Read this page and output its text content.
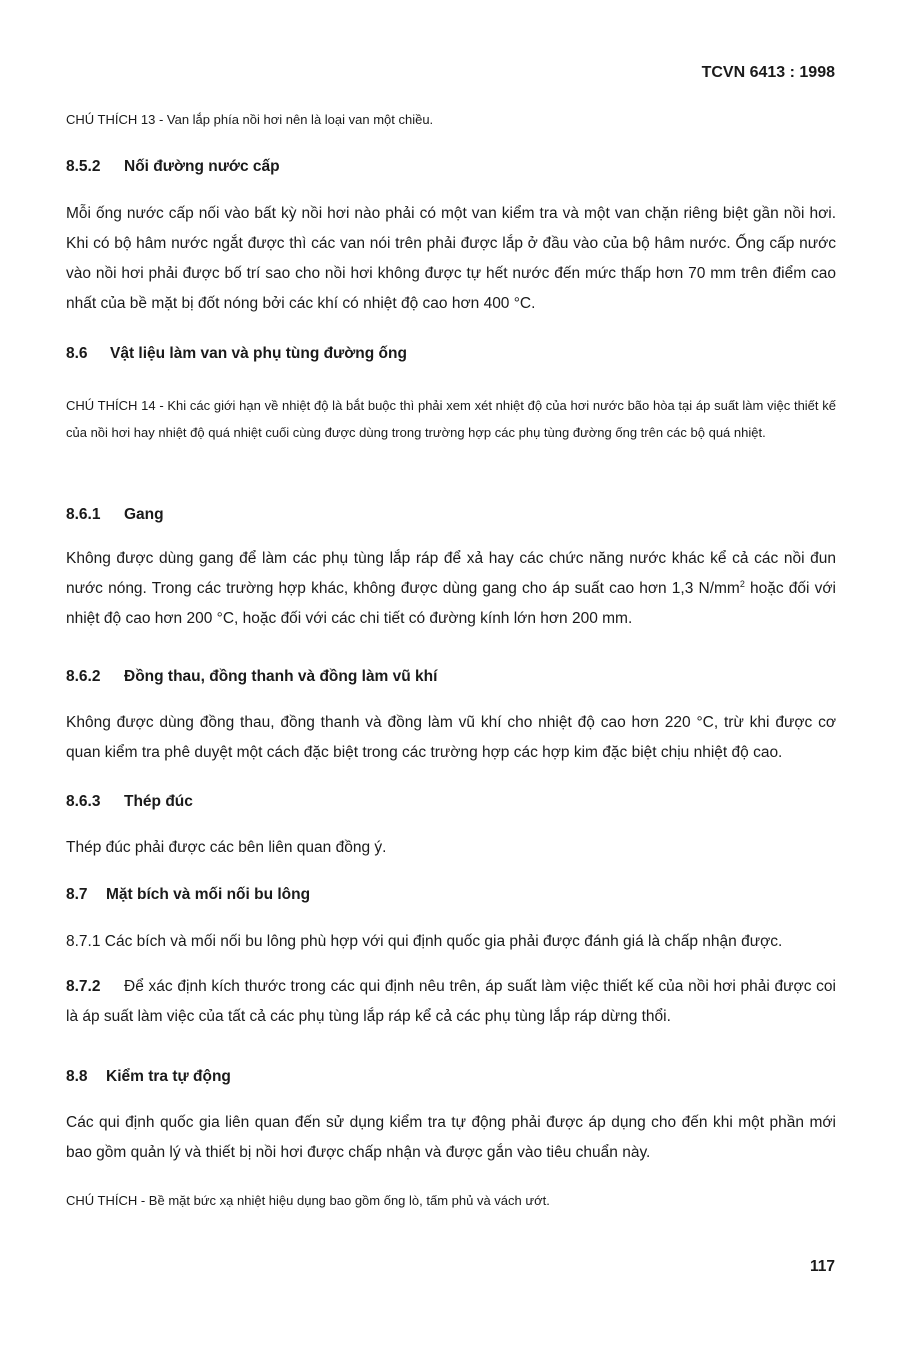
TCVN 6413 : 1998
CHÚ THÍCH 13 - Van lắp phía nồi hơi nên là loại van một chiều.
8.5.2 Nối đường nước cấp
Mỗi ống nước cấp nối vào bất kỳ nồi hơi nào phải có một van kiểm tra và một van chặn riêng biệt gần nồi hơi. Khi có bộ hâm nước ngắt được thì các van nói trên phải được lắp ở đầu vào của bộ hâm nước. Ống cấp nước vào nồi hơi phải được bố trí sao cho nồi hơi không được tự hết nước đến mức thấp hơn 70 mm trên điểm cao nhất của bề mặt bị đốt nóng bởi các khí có nhiệt độ cao hơn 400 °C.
8.6 Vật liệu làm van và phụ tùng đường ống
CHÚ THÍCH 14 - Khi các giới hạn về nhiệt độ là bắt buộc thì phải xem xét nhiệt độ của hơi nước bão hòa tại áp suất làm việc thiết kế của nồi hơi hay nhiệt độ quá nhiệt cuối cùng được dùng trong trường hợp các phụ tùng đường ống trên các bộ quá nhiệt.
8.6.1 Gang
Không được dùng gang để làm các phụ tùng lắp ráp để xả hay các chức năng nước khác kể cả các nồi đun nước nóng. Trong các trường hợp khác, không được dùng gang cho áp suất cao hơn 1,3 $N/mm^2$ hoặc đối với nhiệt độ cao hơn 200 °C, hoặc đối với các chi tiết có đường kính lớn hơn 200 mm.
8.6.2 Đồng thau, đồng thanh và đồng làm vũ khí
Không được dùng đồng thau, đồng thanh và đồng làm vũ khí cho nhiệt độ cao hơn 220 °C, trừ khi được cơ quan kiểm tra phê duyệt một cách đặc biệt trong các trường hợp các hợp kim đặc biệt chịu nhiệt độ cao.
8.6.3 Thép đúc
Thép đúc phải được các bên liên quan đồng ý.
8.7 Mặt bích và mối nối bu lông
8.7.1 Các bích và mối nối bu lông phù hợp với qui định quốc gia phải được đánh giá là chấp nhận được.
8.7.2 Để xác định kích thước trong các qui định nêu trên, áp suất làm việc thiết kế của nồi hơi phải được coi là áp suất làm việc của tất cả các phụ tùng lắp ráp kể cả các phụ tùng lắp ráp dừng thổi.
8.8 Kiểm tra tự động
Các qui định quốc gia liên quan đến sử dụng kiểm tra tự động phải được áp dụng cho đến khi một phần mới bao gồm quản lý và thiết bị nồi hơi được chấp nhận và được gắn vào tiêu chuẩn này.
CHÚ THÍCH - Bề mặt bức xạ nhiệt hiệu dụng bao gồm ống lò, tấm phủ và vách ướt.
117
